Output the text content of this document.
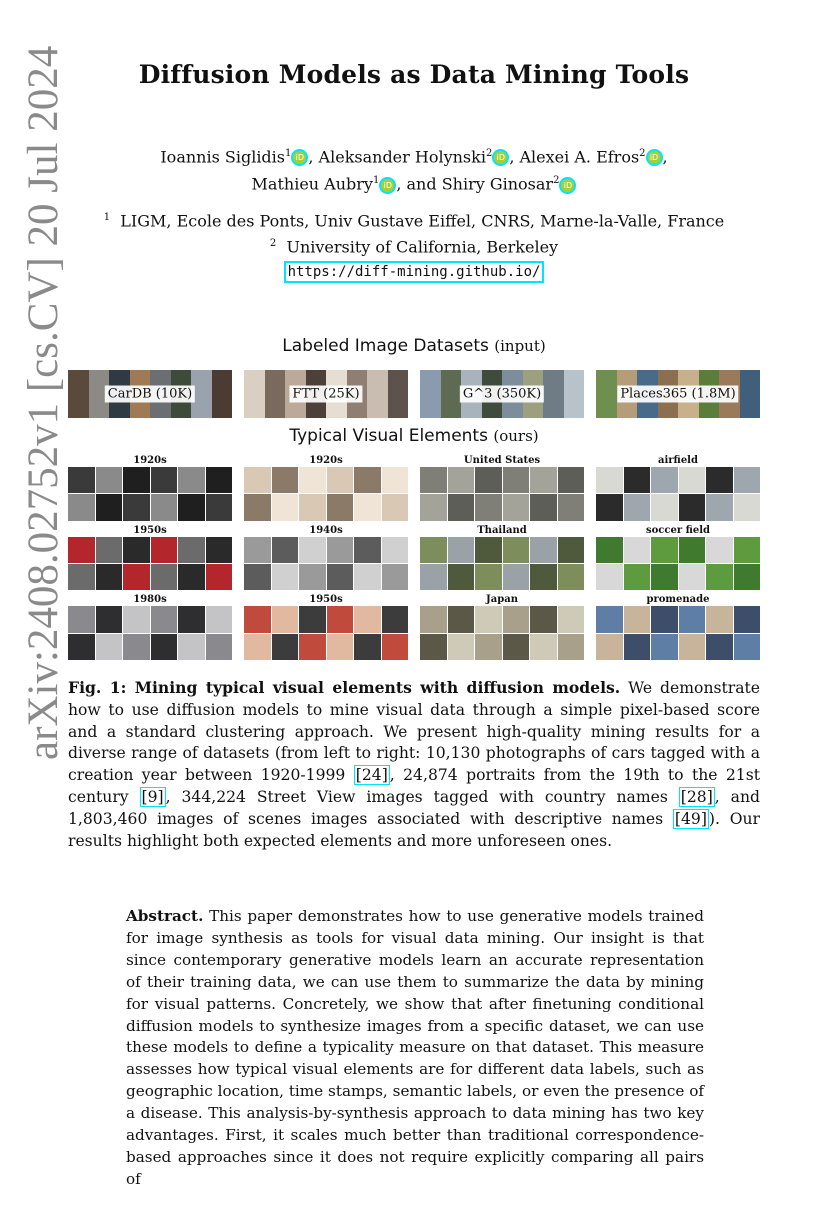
arXiv:2408.02752v1 [cs.CV] 20 Jul 2024	Diffusion Models as Data Mining Tools
Ioannis Siglidis$^1$ iD , Aleksander Holynski$^2$ iD , Alexei A. Efros$^2$ iD ,
Mathieu Aubry$^1$ iD , and Shiry Ginosar$^2$ iD
$^1$ LIGM, Ecole des Ponts, Univ Gustave Eiffel, CNRS, Marne-la-Valle, France
$^2$ University of California, Berkeley
https://diff-mining.github.io/
Labeled Image Datasets (input)
CarDB (10K)	FTT (25K)	G^3 (350K)	Places365 (1.8M)
Typical Visual Elements (ours)
1920s	1920s	United States	airfield
1950s	1940s	Thailand	soccer field
1980s	1950s	Japan	promenade
Fig. 1: Mining typical visual elements with diffusion models. We demonstrate how to use diffusion models to mine visual data through a simple pixel-based score and a standard clustering approach. We present high-quality mining results for a diverse range of datasets (from left to right: 10,130 photographs of cars tagged with a creation year between 1920-1999 [24] , 24,874 portraits from the 19th to the 21st century [9] , 344,224 Street View images tagged with country names [28] , and 1,803,460 images of scenes images associated with descriptive names [49] ). Our results highlight both expected elements and more unforeseen ones.
Abstract. This paper demonstrates how to use generative models trained for image synthesis as tools for visual data mining. Our insight is that since contemporary generative models learn an accurate representation of their training data, we can use them to summarize the data by mining for visual patterns. Concretely, we show that after finetuning conditional diffusion models to synthesize images from a specific dataset, we can use these models to define a typicality measure on that dataset. This measure assesses how typical visual elements are for different data labels, such as geographic location, time stamps, semantic labels, or even the presence of a disease. This analysis-by-synthesis approach to data mining has two key advantages. First, it scales much better than traditional correspondence-based approaches since it does not require explicitly comparing all pairs of
